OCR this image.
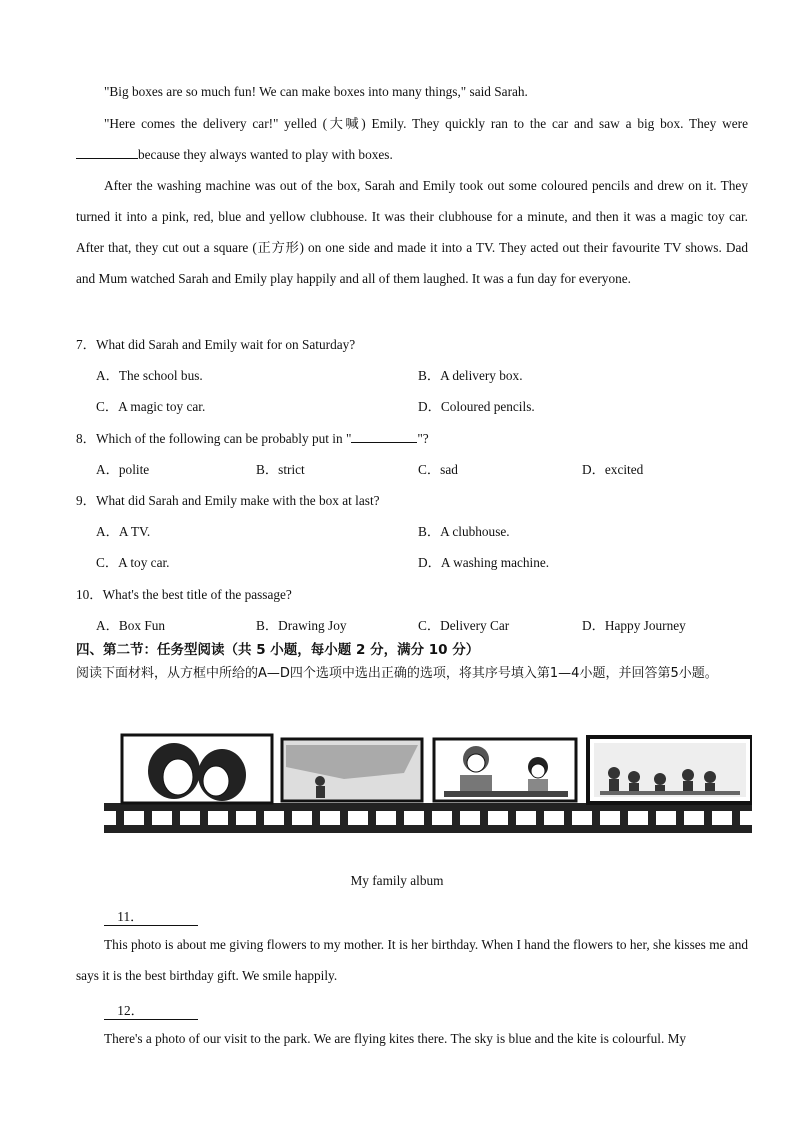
"Big boxes are so much fun! We can make boxes into many things," said Sarah.

"Here comes the delivery car!" yelled (大喊) Emily. They quickly ran to the car and saw a big box. They were because they always wanted to play with boxes.

After the washing machine was out of the box, Sarah and Emily took out some coloured pencils and drew on it. They turned it into a pink, red, blue and yellow clubhouse. It was their clubhouse for a minute, and then it was a magic toy car. After that, they cut out a square (正方形) on one side and made it into a TV. They acted out their favourite TV shows. Dad and Mum watched Sarah and Emily play happily and all of them laughed. It was a fun day for everyone.

7．What did Sarah and Emily wait for on Saturday?
A．The school bus.	B．A delivery box.
C．A magic toy car.	D．Coloured pencils.
8．Which of the following can be probably put in "	"?
A．polite	B．strict	C．sad	D．excited
9．What did Sarah and Emily make with the box at last?
A．A TV.	B．A clubhouse.
C．A toy car.	D．A washing machine.
10．What's the best title of the passage?
A．Box Fun	B．Drawing Joy	C．Delivery Car	D．Happy Journey
四、第二节：任务型阅读（共 5 小题，每小题 2 分，满分 10 分）
阅读下面材料，从方框中所给的A—D四个选项中选出正确的选项，将其序号填入第1—4小题，并回答第5小题。
My family album
11．

This photo is about me giving flowers to my mother. It is her birthday. When I hand the flowers to her, she kisses me and says it is the best birthday gift. We smile happily.

12．

There's a photo of our visit to the park. We are flying kites there. The sky is blue and the kite is colourful. My
